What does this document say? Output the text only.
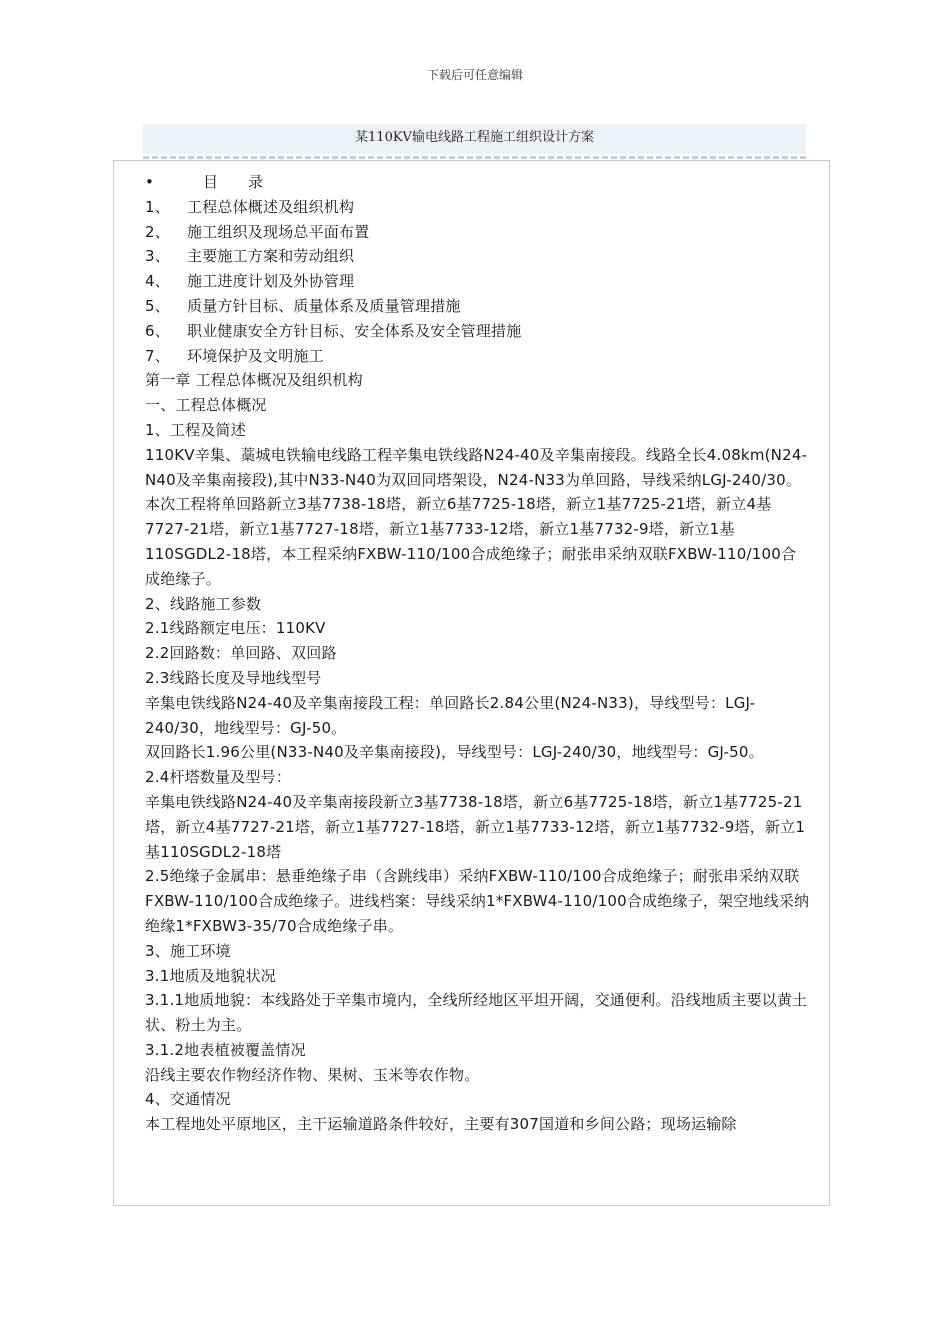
下载后可任意编辑
某110KV输电线路工程施工组织设计方案
•	目　　录
1、 工程总体概述及组织机构
2、 施工组织及现场总平面布置
3、 主要施工方案和劳动组织
4、 施工进度计划及外协管理
5、 质量方针目标、质量体系及质量管理措施
6、 职业健康安全方针目标、安全体系及安全管理措施
7、 环境保护及文明施工

第一章 工程总体概况及组织机构

一、工程总体概况

1、工程及简述

110KV辛集、藁城电铁输电线路工程辛集电铁线路N24-40及辛集南接段。线路全长4.08km(N24-N40及辛集南接段),其中N33-N40为双回同塔架设，N24-N33为单回路，导线采纳LGJ-240/30。

本次工程将单回路新立3基7738-18塔，新立6基7725-18塔，新立1基7725-21塔，新立4基7727-21塔，新立1基7727-18塔，新立1基7733-12塔，新立1基7732-9塔，新立1基110SGDL2-18塔，本工程采纳FXBW-110/100合成绝缘子；耐张串采纳双联FXBW-110/100合成绝缘子。

2、线路施工参数

2.1线路额定电压：110KV

2.2回路数：单回路、双回路

2.3线路长度及导地线型号

辛集电铁线路N24-40及辛集南接段工程：单回路长2.84公里(N24-N33)，导线型号：LGJ-240/30，地线型号：GJ-50。

双回路长1.96公里(N33-N40及辛集南接段)，导线型号：LGJ-240/30，地线型号：GJ-50。

2.4杆塔数量及型号：

辛集电铁线路N24-40及辛集南接段新立3基7738-18塔，新立6基7725-18塔，新立1基7725-21塔，新立4基7727-21塔，新立1基7727-18塔，新立1基7733-12塔，新立1基7732-9塔，新立1基110SGDL2-18塔

2.5绝缘子金属串：悬垂绝缘子串（含跳线串）采纳FXBW-110/100合成绝缘子；耐张串采纳双联FXBW-110/100合成绝缘子。进线档案：导线采纳1*FXBW4-110/100合成绝缘子，架空地线采纳绝缘1*FXBW3-35/70合成绝缘子串。

3、施工环境

3.1地质及地貌状况

3.1.1地质地貌：本线路处于辛集市境内，全线所经地区平坦开阔，交通便利。沿线地质主要以黄土状、粉土为主。

3.1.2地表植被覆盖情况

沿线主要农作物经济作物、果树、玉米等农作物。

4、交通情况

本工程地处平原地区，主干运输道路条件较好，主要有307国道和乡间公路；现场运输除
